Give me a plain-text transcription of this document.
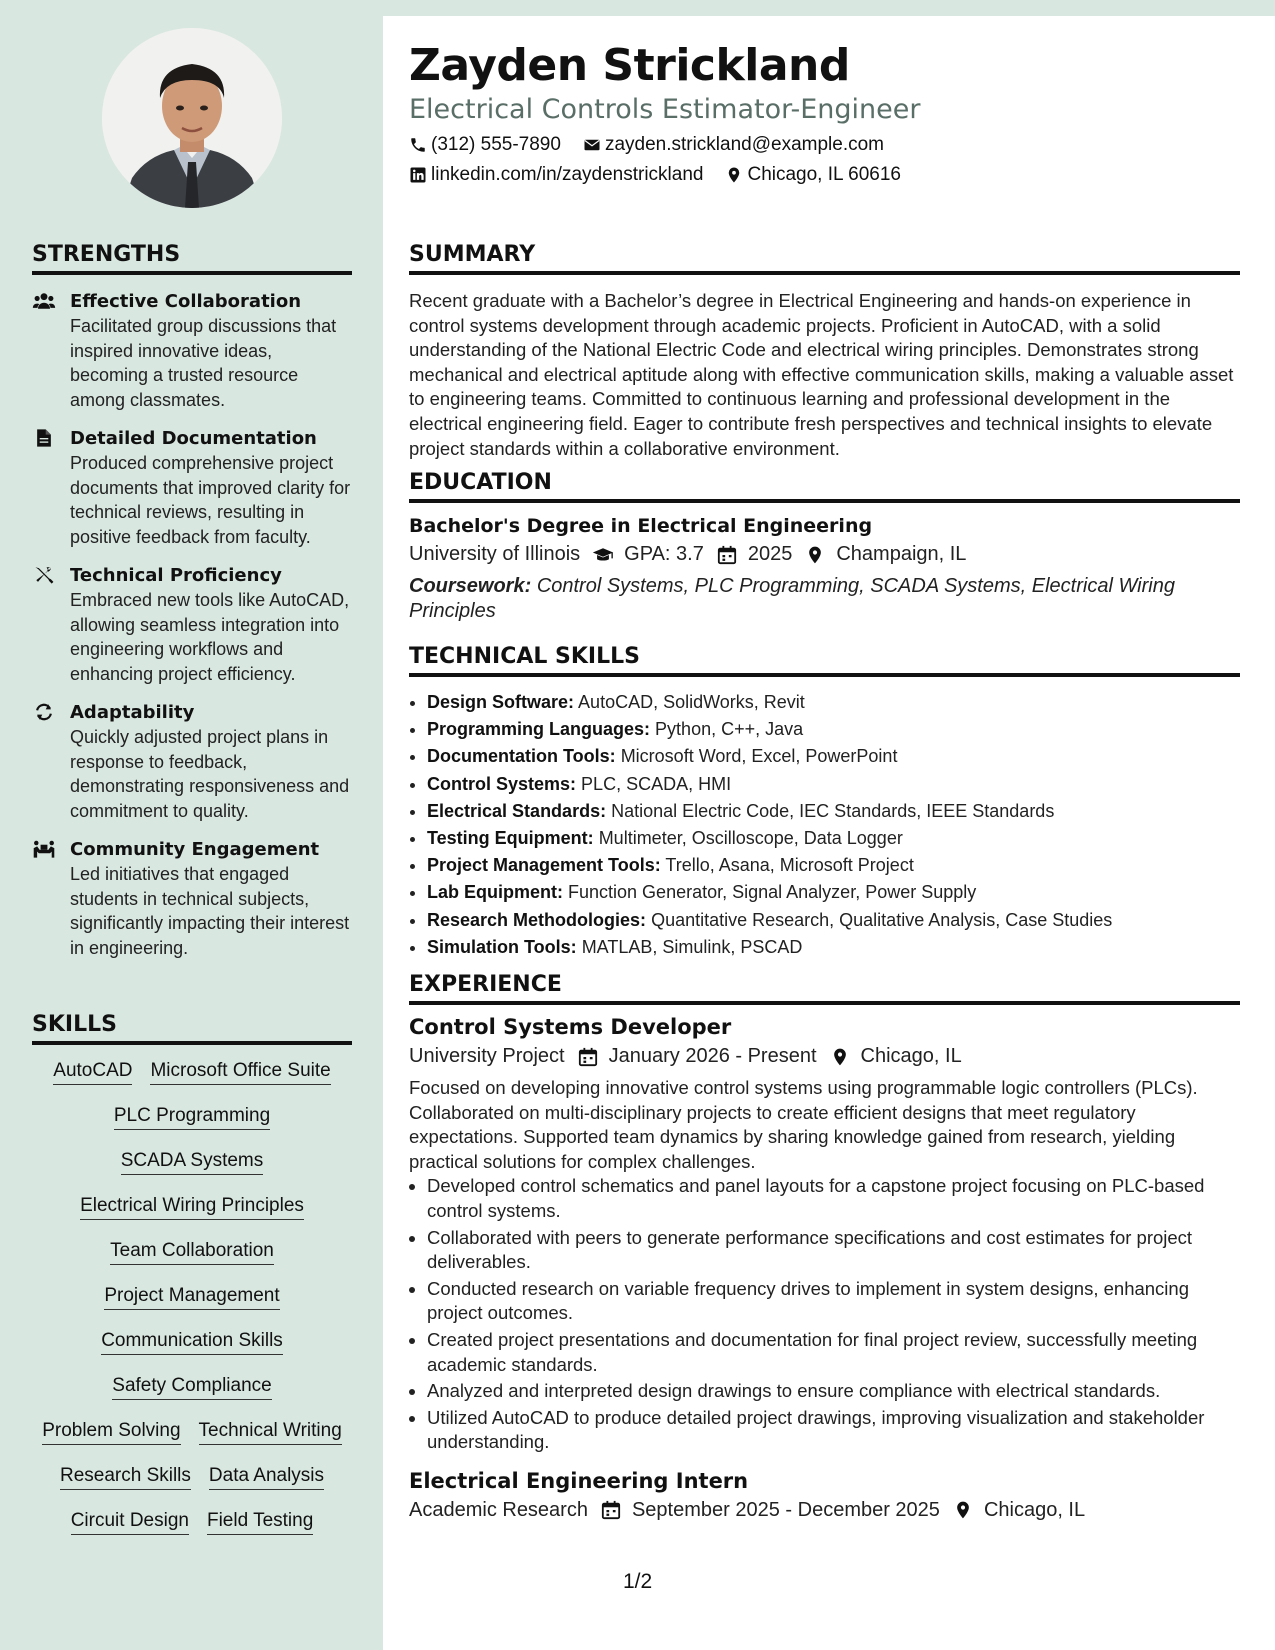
Zayden Strickland
Electrical Controls Estimator-Engineer
(312) 555-7890 zayden.strickland@example.com
linkedin.com/in/zaydenstrickland Chicago, IL 60616
STRENGTHS
Effective Collaboration
Facilitated group discussions that inspired innovative ideas, becoming a trusted resource among classmates.
Detailed Documentation
Produced comprehensive project documents that improved clarity for technical reviews, resulting in positive feedback from faculty.
Technical Proficiency
Embraced new tools like AutoCAD, allowing seamless integration into engineering workflows and enhancing project efficiency.
Adaptability
Quickly adjusted project plans in response to feedback, demonstrating responsiveness and commitment to quality.
Community Engagement
Led initiatives that engaged students in technical subjects, significantly impacting their interest in engineering.
SKILLS
AutoCAD Microsoft Office Suite
PLC Programming
SCADA Systems
Electrical Wiring Principles
Team Collaboration
Project Management
Communication Skills
Safety Compliance
Problem Solving Technical Writing
Research Skills Data Analysis
Circuit Design Field Testing
SUMMARY

Recent graduate with a Bachelor’s degree in Electrical Engineering and hands-on experience in control systems development through academic projects. Proficient in AutoCAD, with a solid understanding of the National Electric Code and electrical wiring principles. Demonstrates strong mechanical and electrical aptitude along with effective communication skills, making a valuable asset to engineering teams. Committed to continuous learning and professional development in the electrical engineering field. Eager to contribute fresh perspectives and technical insights to elevate project standards within a collaborative environment.

EDUCATION
Bachelor's Degree in Electrical Engineering
University of Illinois GPA: 3.7 2025 Champaign, IL
Coursework: Control Systems, PLC Programming, SCADA Systems, Electrical Wiring Principles
TECHNICAL SKILLS
• Design Software: AutoCAD, SolidWorks, Revit
• Programming Languages: Python, C++, Java
• Documentation Tools: Microsoft Word, Excel, PowerPoint
• Control Systems: PLC, SCADA, HMI
• Electrical Standards: National Electric Code, IEC Standards, IEEE Standards
• Testing Equipment: Multimeter, Oscilloscope, Data Logger
• Project Management Tools: Trello, Asana, Microsoft Project
• Lab Equipment: Function Generator, Signal Analyzer, Power Supply
• Research Methodologies: Quantitative Research, Qualitative Analysis, Case Studies
• Simulation Tools: MATLAB, Simulink, PSCAD
EXPERIENCE
Control Systems Developer
University Project January 2026 - Present Chicago, IL
Focused on developing innovative control systems using programmable logic controllers (PLCs). Collaborated on multi-disciplinary projects to create efficient designs that meet regulatory expectations. Supported team dynamics by sharing knowledge gained from research, yielding practical solutions for complex challenges.
• Developed control schematics and panel layouts for a capstone project focusing on PLC-based control systems.
• Collaborated with peers to generate performance specifications and cost estimates for project deliverables.
• Conducted research on variable frequency drives to implement in system designs, enhancing project outcomes.
• Created project presentations and documentation for final project review, successfully meeting academic standards.
• Analyzed and interpreted design drawings to ensure compliance with electrical standards.
• Utilized AutoCAD to produce detailed project drawings, improving visualization and stakeholder understanding.
Electrical Engineering Intern
Academic Research September 2025 - December 2025 Chicago, IL
1/2
